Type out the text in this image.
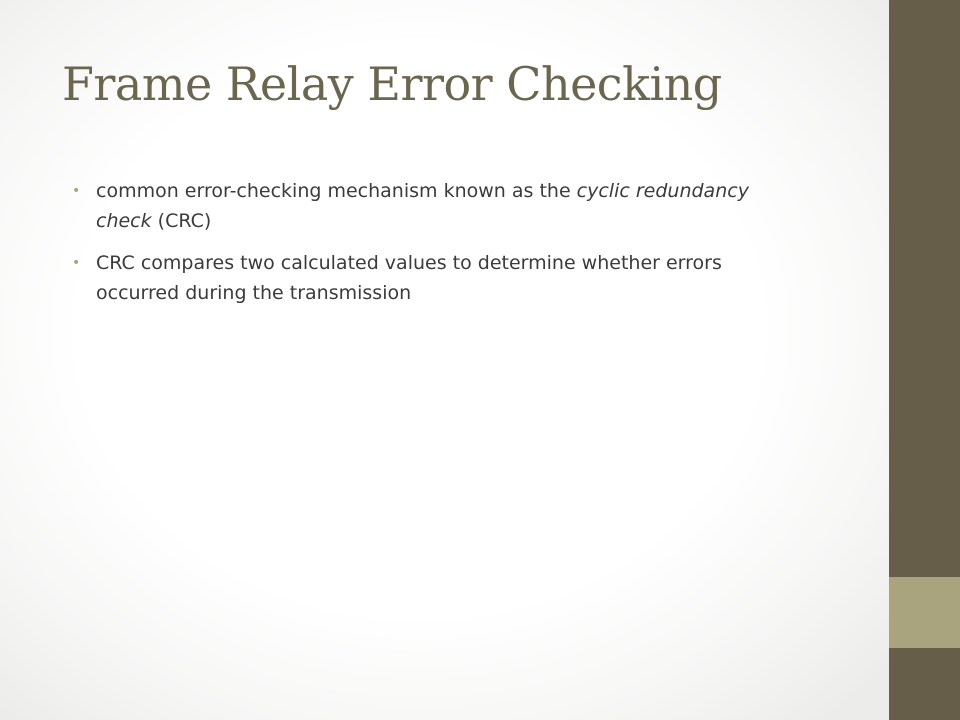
Frame Relay Error Checking
• common error-checking mechanism known as the cyclic redundancy check (CRC)
• CRC compares two calculated values to determine whether errors occurred during the transmission
